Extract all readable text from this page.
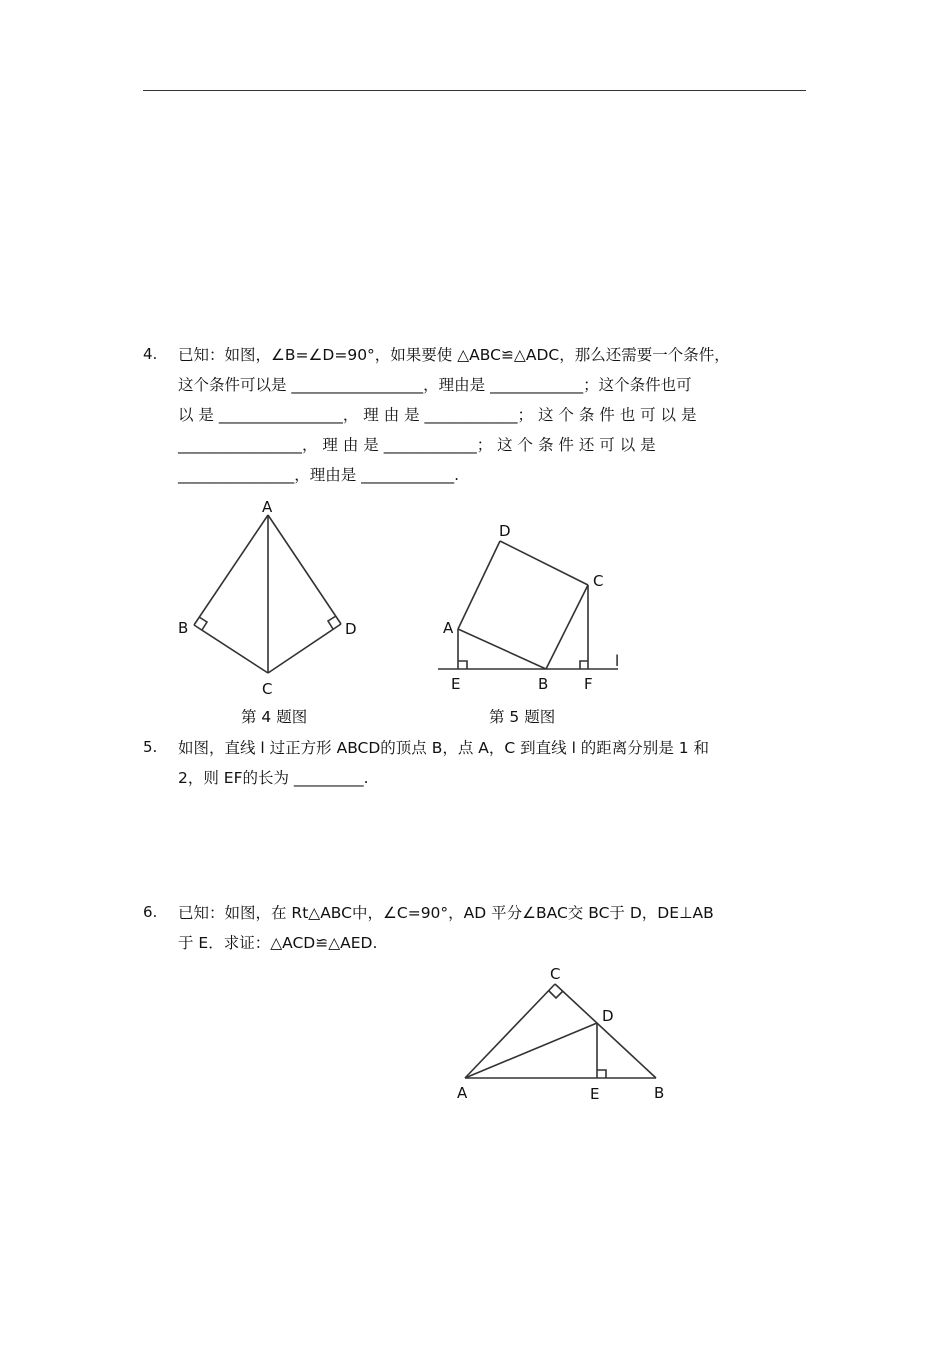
4. 已知：如图，∠B=∠D=90°，如果要使 △ABC≌△ADC，那么还需要一个条件，
这个条件可以是 _________________，理由是 ____________；这个条件也可
以 是 ________________， 理 由 是 ____________； 这 个 条 件 也 可 以 是
________________， 理 由 是 ____________； 这 个 条 件 还 可 以 是
_______________，理由是 ____________.
A
B
C
D
第 4 题图
D
C
A
l
E	B F
第 5 题图
5. 如图，直线 l 过正方形 ABCD的顶点 B，点 A，C 到直线 l 的距离分别是 1 和
2，则 EF的长为 _________.
6. 已知：如图，在 Rt△ABC中，∠C=90°，AD 平分∠BAC交 BC于 D，DE⊥AB
于 E．求证：△ACD≌△AED.
C
D
A	E	B
